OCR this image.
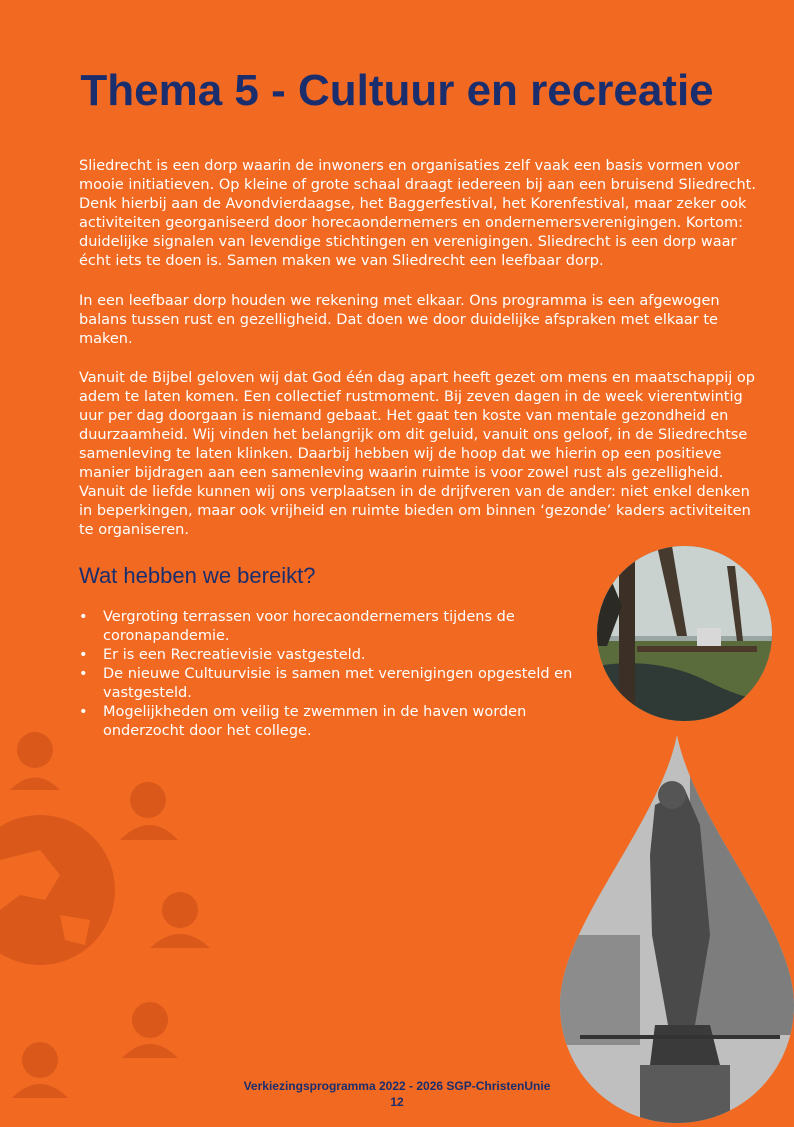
Thema 5 - Cultuur en recreatie

Sliedrecht is een dorp waarin de inwoners en organisaties zelf vaak een basis vormen voor mooie initiatieven. Op kleine of grote schaal draagt iedereen bij aan een bruisend Sliedrecht. Denk hierbij aan de Avondvierdaagse, het Baggerfestival, het Korenfestival, maar zeker ook activiteiten georganiseerd door horecaondernemers en ondernemersverenigingen. Kortom: duidelijke signalen van levendige stichtingen en verenigingen. Sliedrecht is een dorp waar écht iets te doen is. Samen maken we van Sliedrecht een leefbaar dorp.

In een leefbaar dorp houden we rekening met elkaar. Ons programma is een afgewogen balans tussen rust en gezelligheid. Dat doen we door duidelijke afspraken met elkaar te maken.

Vanuit de Bijbel geloven wij dat God één dag apart heeft gezet om mens en maatschappij op adem te laten komen. Een collectief rustmoment. Bij zeven dagen in de week vierentwintig uur per dag doorgaan is niemand gebaat. Het gaat ten koste van mentale gezondheid en duurzaamheid. Wij vinden het belangrijk om dit geluid, vanuit ons geloof, in de Sliedrechtse samenleving te laten klinken. Daarbij hebben wij de hoop dat we hierin op een positieve manier bijdragen aan een samenleving waarin ruimte is voor zowel rust als gezelligheid. Vanuit de liefde kunnen wij ons verplaatsen in de drijfveren van de ander: niet enkel denken in beperkingen, maar ook vrijheid en ruimte bieden om binnen ‘gezonde’ kaders activiteiten te organiseren.

Wat hebben we bereikt?
• Vergroting terrassen voor horecaondernemers tijdens de coronapandemie.
• Er is een Recreatievisie vastgesteld.
• De nieuwe Cultuurvisie is samen met verenigingen opgesteld en vastgesteld.
• Mogelijkheden om veilig te zwemmen in de haven worden onderzocht door het college.
Verkiezingsprogramma 2022 - 2026 SGP-ChristenUnie
12
